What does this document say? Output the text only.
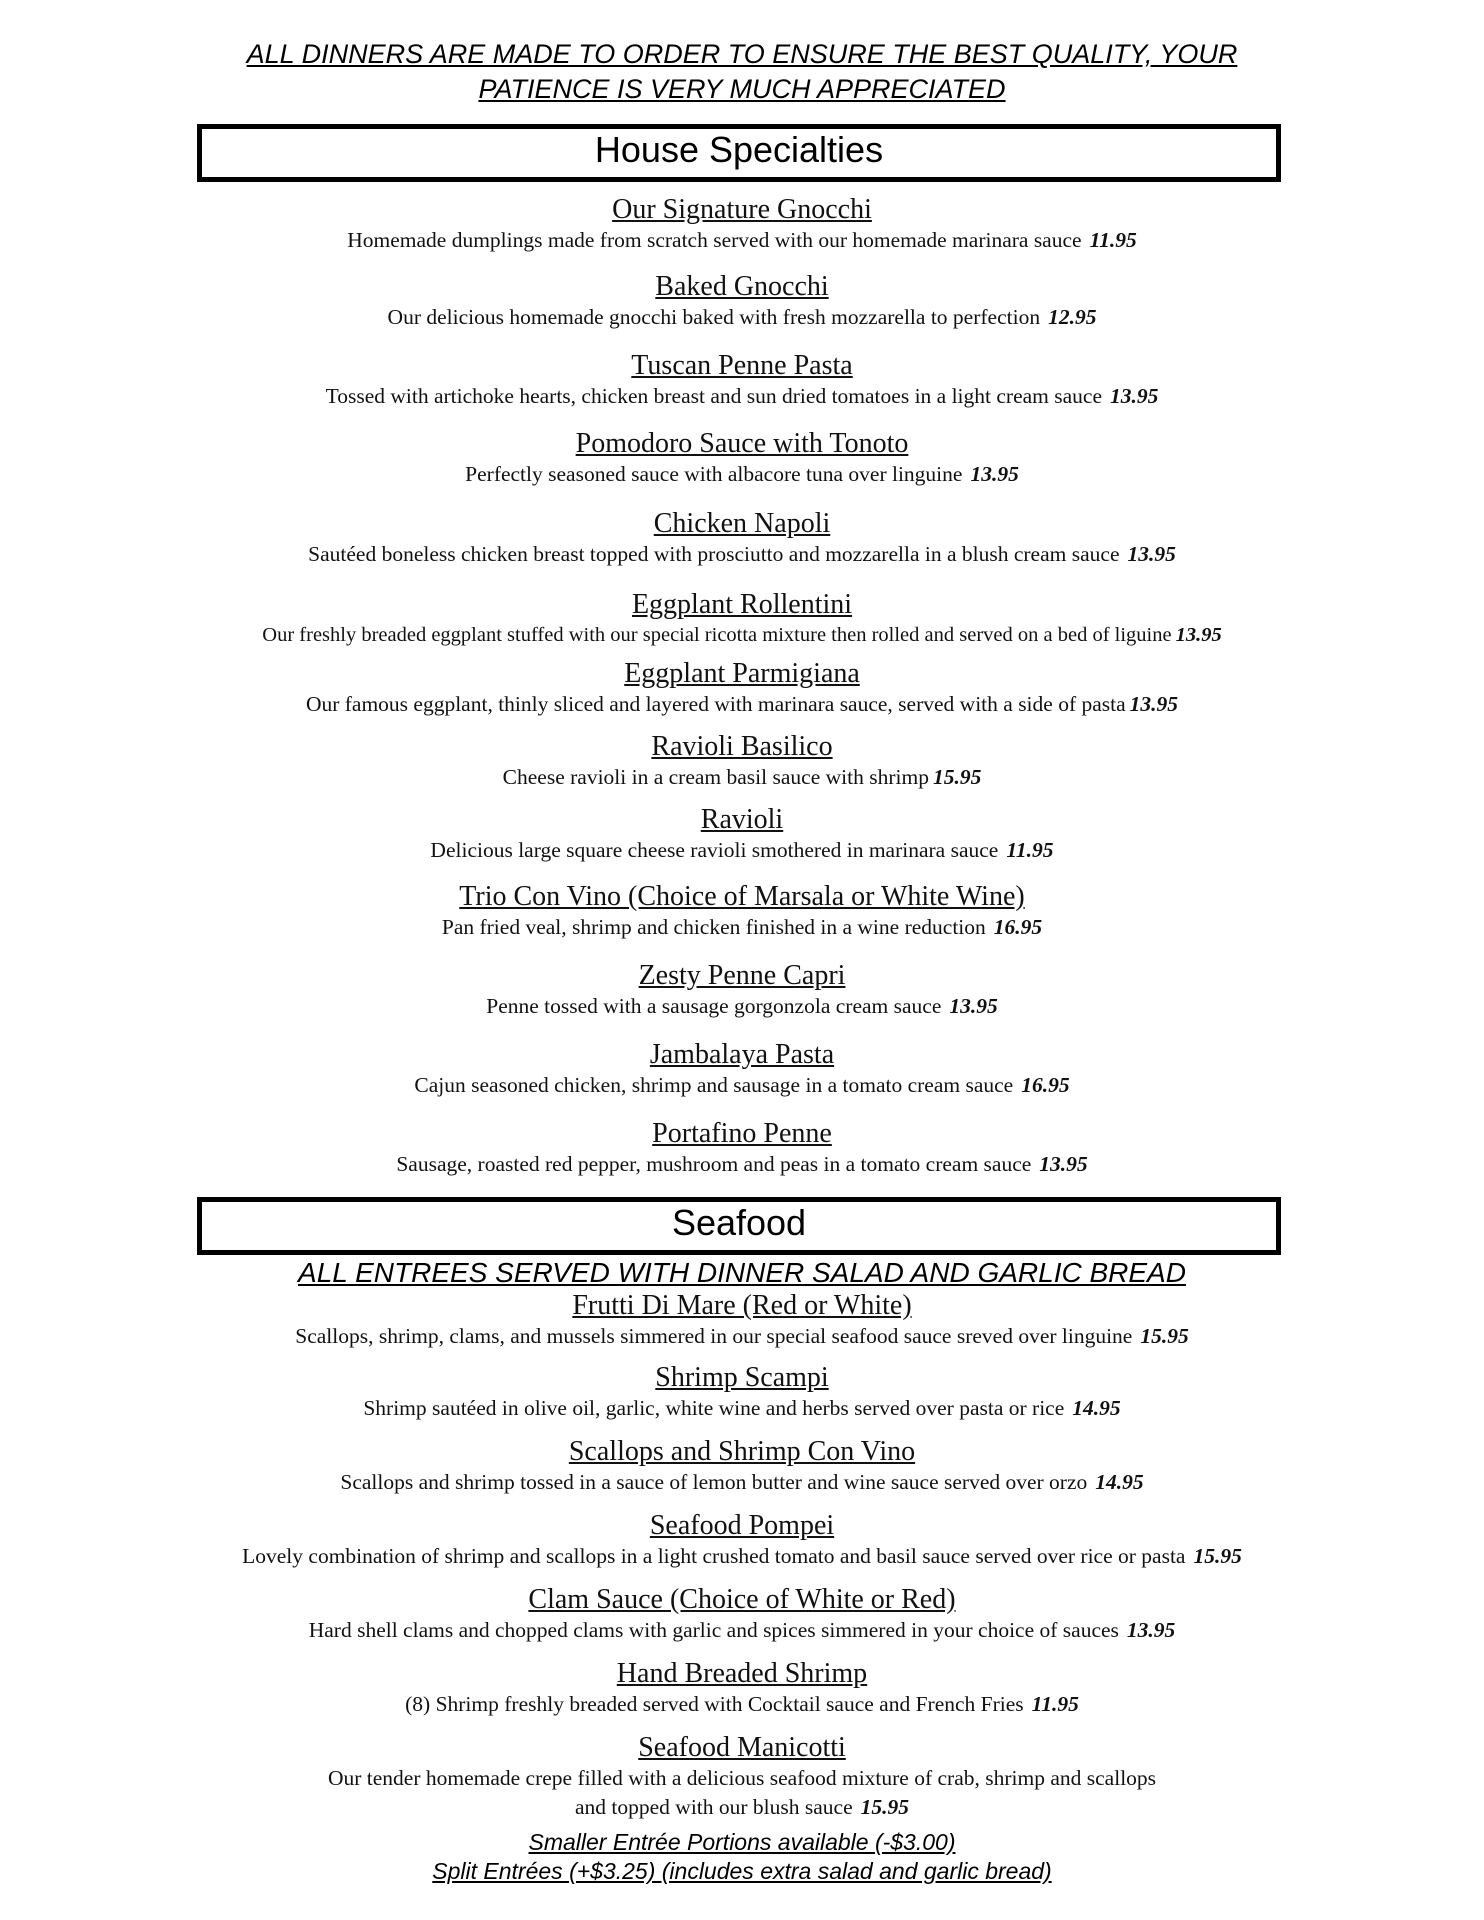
ALL DINNERS ARE MADE TO ORDER TO ENSURE THE BEST QUALITY, YOUR
PATIENCE IS VERY MUCH APPRECIATED
House Specialties
Our Signature Gnocchi
Homemade dumplings made from scratch served with our homemade marinara sauce 11.95
Baked Gnocchi
Our delicious homemade gnocchi baked with fresh mozzarella to perfection 12.95
Tuscan Penne Pasta
Tossed with artichoke hearts, chicken breast and sun dried tomatoes in a light cream sauce 13.95
Pomodoro Sauce with Tonoto
Perfectly seasoned sauce with albacore tuna over linguine 13.95
Chicken Napoli
Sautéed boneless chicken breast topped with prosciutto and mozzarella in a blush cream sauce 13.95
Eggplant Rollentini
Our freshly breaded eggplant stuffed with our special ricotta mixture then rolled and served on a bed of liguine 13.95
Eggplant Parmigiana
Our famous eggplant, thinly sliced and layered with marinara sauce, served with a side of pasta 13.95
Ravioli Basilico
Cheese ravioli in a cream basil sauce with shrimp 15.95
Ravioli
Delicious large square cheese ravioli smothered in marinara sauce 11.95
Trio Con Vino (Choice of Marsala or White Wine)
Pan fried veal, shrimp and chicken finished in a wine reduction 16.95
Zesty Penne Capri
Penne tossed with a sausage gorgonzola cream sauce 13.95
Jambalaya Pasta
Cajun seasoned chicken, shrimp and sausage in a tomato cream sauce 16.95
Portafino Penne
Sausage, roasted red pepper, mushroom and peas in a tomato cream sauce 13.95
Seafood
ALL ENTREES SERVED WITH DINNER SALAD AND GARLIC BREAD
Frutti Di Mare (Red or White)
Scallops, shrimp, clams, and mussels simmered in our special seafood sauce sreved over linguine 15.95
Shrimp Scampi
Shrimp sautéed in olive oil, garlic, white wine and herbs served over pasta or rice 14.95
Scallops and Shrimp Con Vino
Scallops and shrimp tossed in a sauce of lemon butter and wine sauce served over orzo 14.95
Seafood Pompei
Lovely combination of shrimp and scallops in a light crushed tomato and basil sauce served over rice or pasta 15.95
Clam Sauce (Choice of White or Red)
Hard shell clams and chopped clams with garlic and spices simmered in your choice of sauces 13.95
Hand Breaded Shrimp
(8) Shrimp freshly breaded served with Cocktail sauce and French Fries 11.95
Seafood Manicotti
Our tender homemade crepe filled with a delicious seafood mixture of crab, shrimp and scallops
and topped with our blush sauce 15.95
Smaller Entrée Portions available (-$3.00)
Split Entrées (+$3.25) (includes extra salad and garlic bread)
